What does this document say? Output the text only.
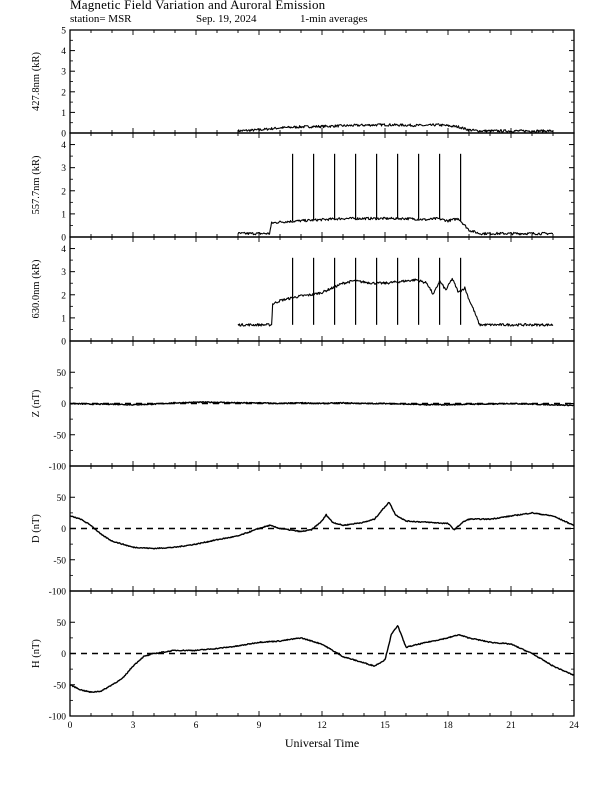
Magnetic Field Variation and Auroral Emission
station= MSR	Sep. 19, 2024	1-min averages
0
1
2
3
4
5
427.8nm (kR)
0
1
2
3
4
557.7nm (kR)
0
1
2
3
4
630.0nm (kR)
-100
-50
0
50
Z (nT)
-100
-50
0
50
D (nT)
-100
-50
0
50
H (nT)
0	3	6	9	12	15	18	21	24
Universal Time
